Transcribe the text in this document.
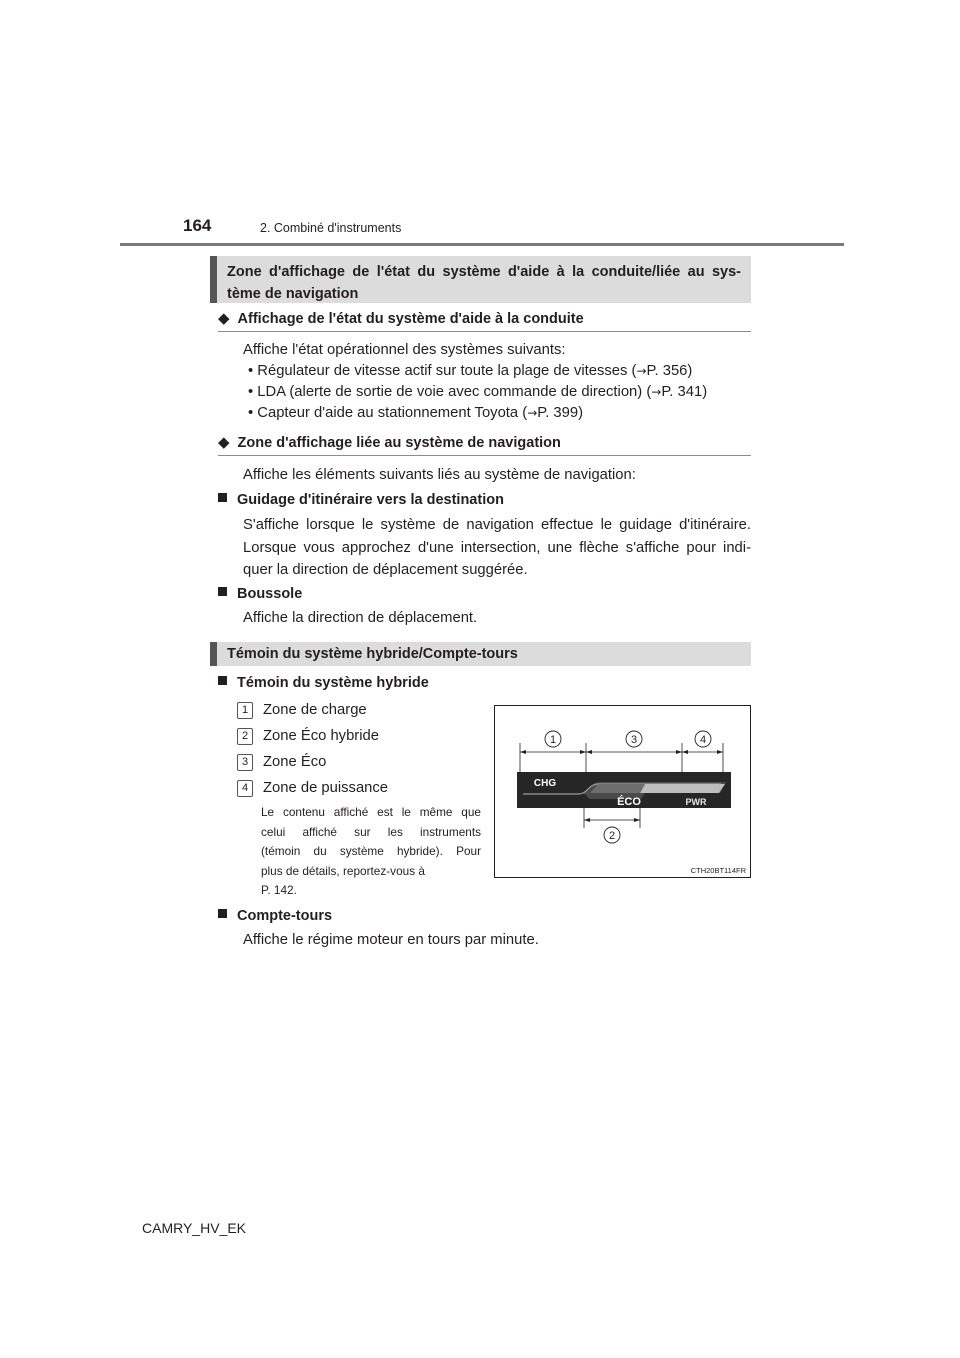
164	2. Combiné d'instruments
Zone d'affichage de l'état du système d'aide à la conduite/liée au sys-
tème de navigation
◆ Affichage de l'état du système d'aide à la conduite
Affiche l'état opérationnel des systèmes suivants:
• Régulateur de vitesse actif sur toute la plage de vitesses (→P. 356)
• LDA (alerte de sortie de voie avec commande de direction) (→P. 341)
• Capteur d'aide au stationnement Toyota (→P. 399)
◆ Zone d'affichage liée au système de navigation
Affiche les éléments suivants liés au système de navigation:
Guidage d'itinéraire vers la destination
S'affiche lorsque le système de navigation effectue le guidage d'itinéraire.
Lorsque vous approchez d'une intersection, une flèche s'affiche pour indi-
quer la direction de déplacement suggérée.
Boussole
Affiche la direction de déplacement.
Témoin du système hybride/Compte-tours
Témoin du système hybride
1 Zone de charge
2 Zone Éco hybride
3 Zone Éco
4 Zone de puissance
Le contenu affiché est le même que
celui affiché sur les instruments
(témoin du système hybride). Pour
plus de détails, reportez-vous à
P. 142.
1	3	4
2
CHG
ÉCO	PWR
CTH20BT114FR
Compte-tours
Affiche le régime moteur en tours par minute.
CAMRY_HV_EK
